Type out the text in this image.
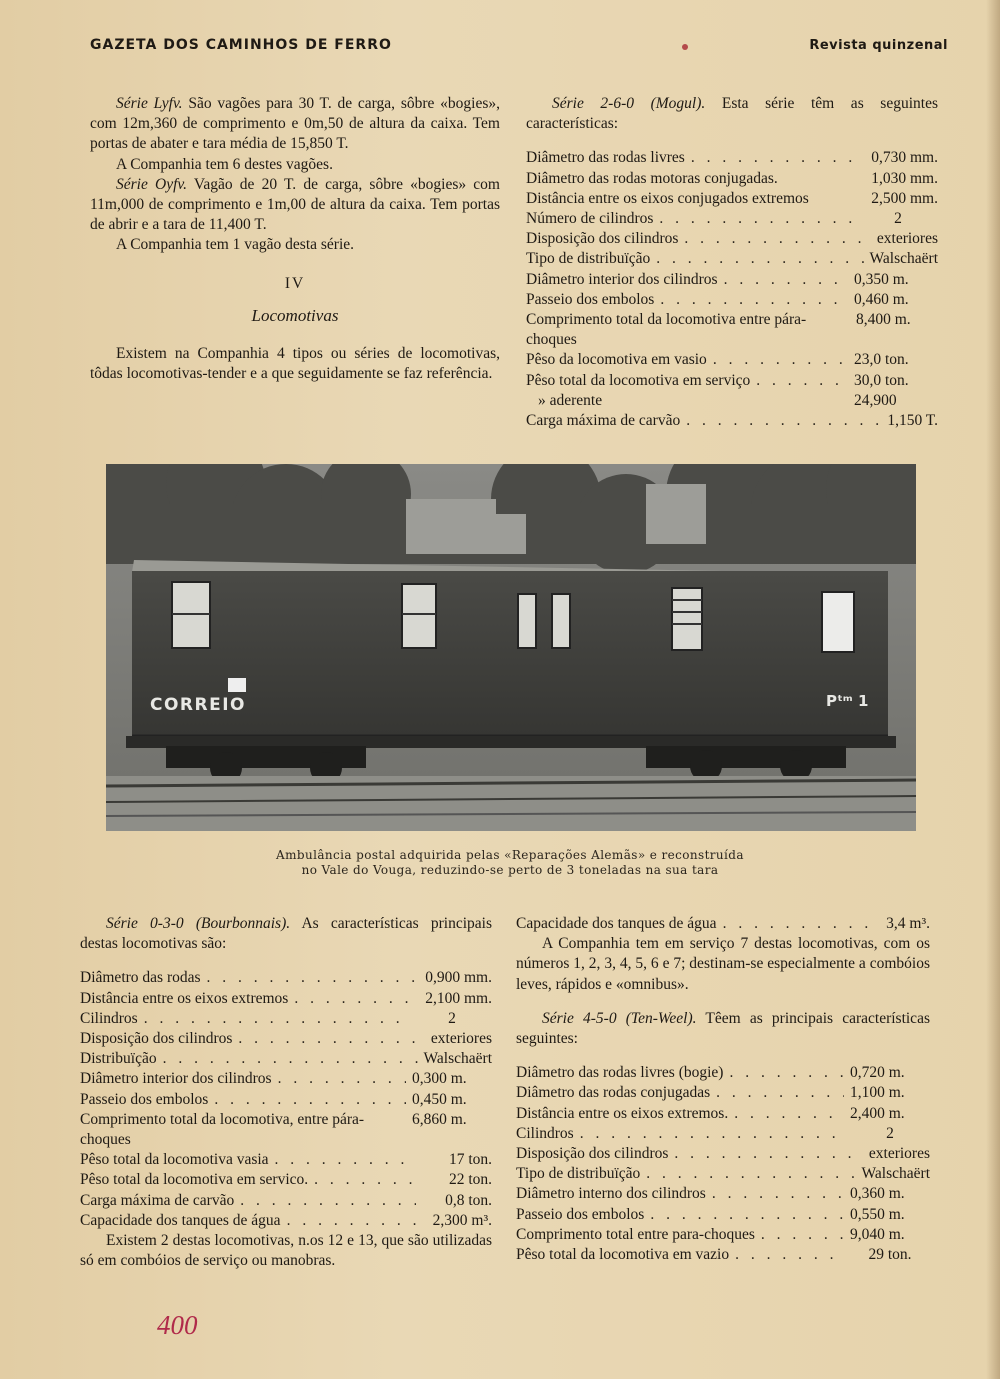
GAZETA DOS CAMINHOS DE FERRO	Revista quinzenal

Série Lyfv. São vagões para 30 T. de carga, sôbre «bogies», com 12m,360 de comprimento e 0m,50 de altura da caixa. Tem portas de abater e tara média de 15,850 T.

A Companhia tem 6 destes vagões.

Série Oyfv. Vagão de 20 T. de carga, sôbre «bogies» com 11m,000 de comprimento e 1m,00 de altura da caixa. Tem portas de abrir e a tara de 11,400 T.

A Companhia tem 1 vagão desta série.

IV
Locomotivas

Existem na Companhia 4 tipos ou séries de locomotivas, tôdas locomotivas-tender e a que seguidamente se faz referência.

Série 2-6-0 (Mogul). Esta série têm as seguintes características:

Diâmetro das rodas livres . . .	0,730 mm.
Diâmetro das rodas motoras conjugadas.	1,030 mm.
Distância entre os eixos conjugados extremos	2,500 mm.
Número de cilindros . . .	2
Disposição dos cilindros . . .	exteriores
Tipo de distribuïção . . .	Walschaërt
Diâmetro interior dos cilindros . . .	0,350 m.
Passeio dos embolos . . .	0,460 m.
Comprimento total da locomotiva entre pára-choques
8,400 m.
Pêso da locomotiva em vasio . . .	23,0 ton.
Pêso total da locomotiva em serviço . . .	30,0 ton.
» aderente	24,900
Carga máxima de carvão . . .	1,150 T.
CORREIO	Pᵗᵐ 1
Ambulância postal adquirida pelas «Reparações Alemãs» e reconstruída
no Vale do Vouga, reduzindo-se perto de 3 toneladas na sua tara

Série 0-3-0 (Bourbonnais). As características principais destas locomotivas são:

Diâmetro das rodas . . .	0,900 mm.
Distância entre os eixos extremos . . .	2,100 mm.
Cilindros . . .	2
Disposição dos cilindros . . .	exteriores
Distribuïção . . .	Walschaërt
Diâmetro interior dos cilindros . . .	0,300 m.
Passeio dos embolos . . .	0,450 m.
Comprimento total da locomotiva, entre pára-choques
6,860 m.
Pêso total da locomotiva vasia . . .	17 ton.
Pêso total da locomotiva em servico. . . .	22 ton.
Carga máxima de carvão . . .	0,8 ton.
Capacidade dos tanques de água . . .	2,300 m³.

Existem 2 destas locomotivas, n.os 12 e 13, que são utilizadas só em combóios de serviço ou manobras.

Capacidade dos tanques de água . . .	3,4 m³.

A Companhia tem em serviço 7 destas locomotivas, com os números 1, 2, 3, 4, 5, 6 e 7; destinam-se especialmente a combóios leves, rápidos e «omnibus».

Série 4-5-0 (Ten-Weel). Têem as principais características seguintes:

Diâmetro das rodas livres (bogie) . . .	0,720 m.
Diâmetro das rodas conjugadas . . .	1,100 m.
Distância entre os eixos extremos. . . .	2,400 m.
Cilindros . . .	2
Disposição dos cilindros . . .	exteriores
Tipo de distribuïção . . .	Walschaërt
Diâmetro interno dos cilindros . . .	0,360 m.
Passeio dos embolos . . .	0,550 m.
Comprimento total entre para-choques . . .	9,040 m.
Pêso total da locomotiva em vazio . . .	29 ton.
400
